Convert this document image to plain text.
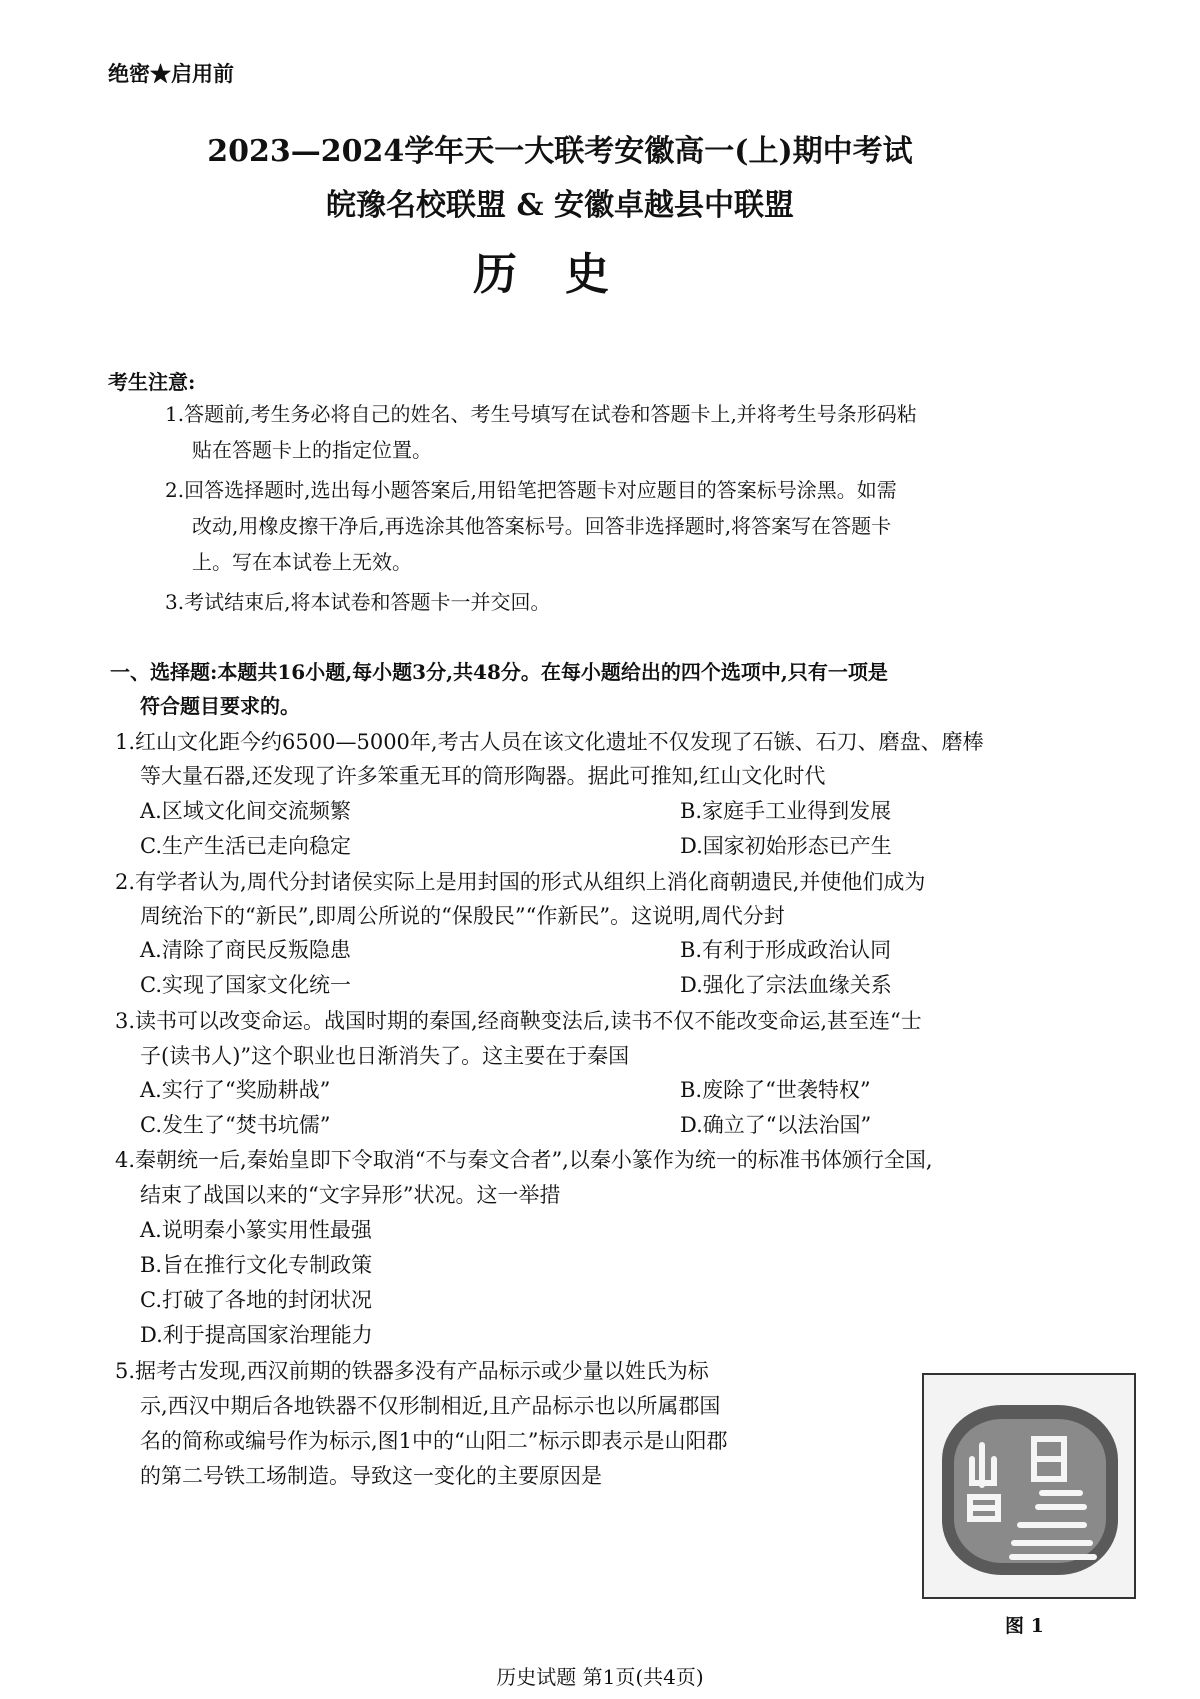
绝密★启用前
2023—2024学年天一大联考安徽高一(上)期中考试
皖豫名校联盟 & 安徽卓越县中联盟
历史
考生注意:
1.答题前,考生务必将自己的姓名、考生号填写在试卷和答题卡上,并将考生号条形码粘
贴在答题卡上的指定位置。
2.回答选择题时,选出每小题答案后,用铅笔把答题卡对应题目的答案标号涂黑。如需
改动,用橡皮擦干净后,再选涂其他答案标号。回答非选择题时,将答案写在答题卡
上。写在本试卷上无效。
3.考试结束后,将本试卷和答题卡一并交回。
一、选择题:本题共16小题,每小题3分,共48分。在每小题给出的四个选项中,只有一项是
符合题目要求的。
1.红山文化距今约6500—5000年,考古人员在该文化遗址不仅发现了石镞、石刀、磨盘、磨棒
等大量石器,还发现了许多笨重无耳的筒形陶器。据此可推知,红山文化时代
A.区域文化间交流频繁	B.家庭手工业得到发展
C.生产生活已走向稳定	D.国家初始形态已产生
2.有学者认为,周代分封诸侯实际上是用封国的形式从组织上消化商朝遗民,并使他们成为
周统治下的“新民”,即周公所说的“保殷民”“作新民”。这说明,周代分封
A.清除了商民反叛隐患	B.有利于形成政治认同
C.实现了国家文化统一	D.强化了宗法血缘关系
3.读书可以改变命运。战国时期的秦国,经商鞅变法后,读书不仅不能改变命运,甚至连“士
子(读书人)”这个职业也日渐消失了。这主要在于秦国
A.实行了“奖励耕战”	B.废除了“世袭特权”
C.发生了“焚书坑儒”	D.确立了“以法治国”
4.秦朝统一后,秦始皇即下令取消“不与秦文合者”,以秦小篆作为统一的标准书体颁行全国,
结束了战国以来的“文字异形”状况。这一举措
A.说明秦小篆实用性最强
B.旨在推行文化专制政策
C.打破了各地的封闭状况
D.利于提高国家治理能力
5.据考古发现,西汉前期的铁器多没有产品标示或少量以姓氏为标
示,西汉中期后各地铁器不仅形制相近,且产品标示也以所属郡国
名的简称或编号作为标示,图1中的“山阳二”标示即表示是山阳郡
的第二号铁工场制造。导致这一变化的主要原因是
图 1
历史试题 第1页(共4页)
